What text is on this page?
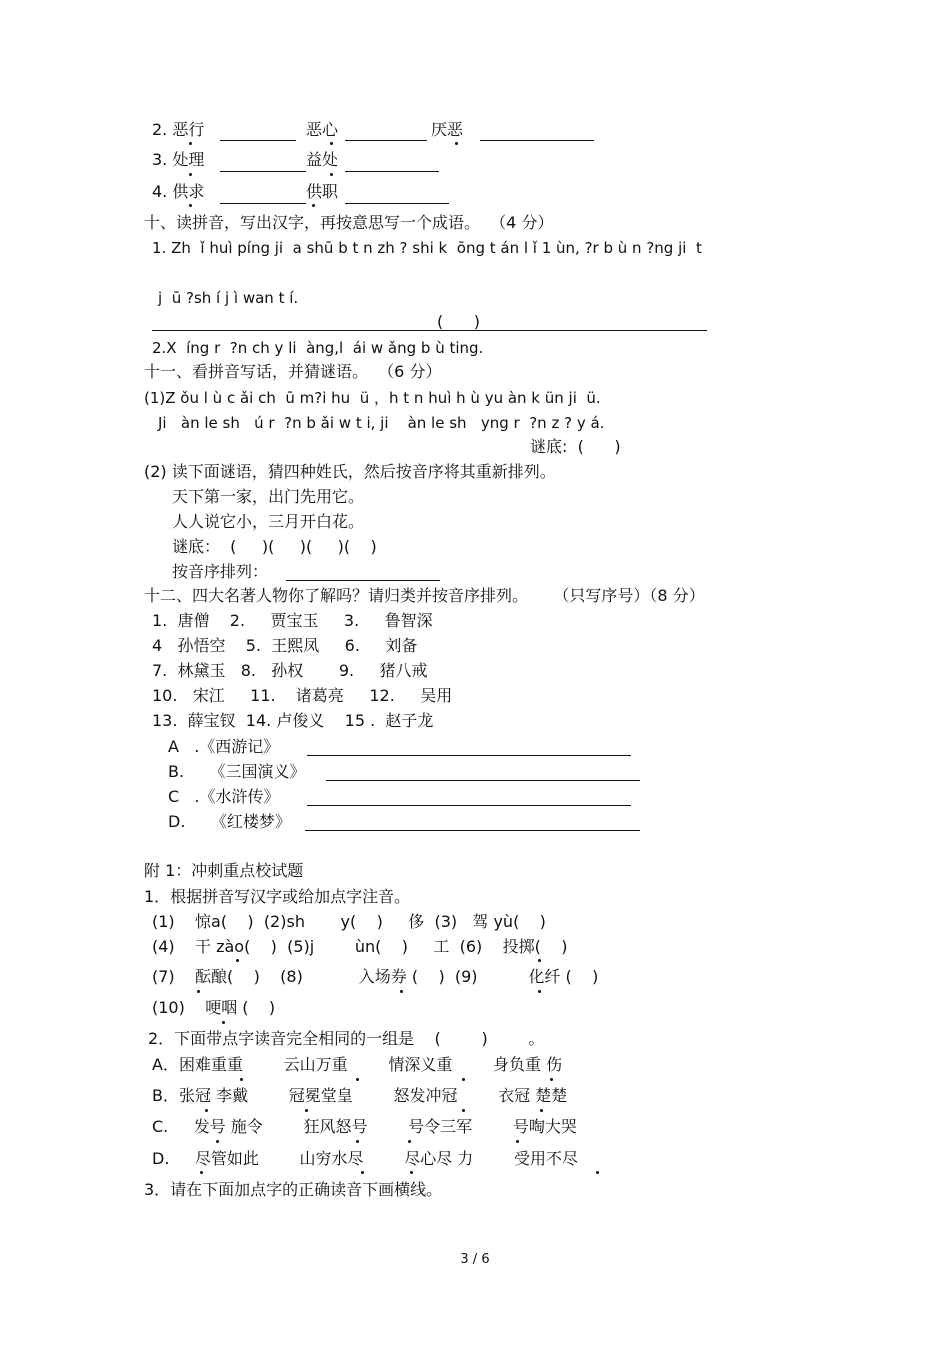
2. 恶行	恶心	厌恶
3. 处理	益处
4. 供求	供职
十、读拼音，写出汉字，再按意思写一个成语。  （4 分）
1. Zh  ǐ huì píng ji  a shū b t n zh ? shi k  ōng t án l ǐ 1 ùn, ?r b ù n ?ng ji  t
j  ū ?sh í j ì wan t í.
(      )
2.X  íng r  ?n ch y li  àng,l  ái w ǎng b ù ting.
十一、看拼音写话，并猜谜语。  （6 分）
(1)Z ǒu l ù c ǎi ch  ū m?i hu  ü ，h t n huì h ù yu àn k ün ji  ü.
Ji   àn le sh   ú r  ?n b ǎi w t i, ji    àn le sh   yng r  ?n z ? y á.
谜底:  (      )
(2) 读下面谜语，猜四种姓氏，然后按音序将其重新排列。
天下第一家，出门先用它。
人人说它小，三月开白花。
谜底：  (     )(     )(     )(    )
按音序排列：
十二、四大名著人物你了解吗？请归类并按音序排列。     （只写序号）（8 分）
1.  唐僧    2.     贾宝玉     3.     鲁智深
4   孙悟空    5.  王熙凤     6.     刘备
7.  林黛玉   8.   孙权       9.     猪八戒
10.   宋江     11.    诸葛亮     12.     吴用
13.  薛宝钗  14. 卢俊义    15 .  赵子龙
A   .《西游记》
B.     《三国演义》
C   .《水浒传》
D.     《红楼梦》
附 1：冲刺重点校试题
1．根据拼音写汉字或给加点字注音。
(1)    惊a(    )  (2)sh       y(    )     侈  (3)   驾 yù(    )
(4)    干 zào(    )  (5)j        ùn(    )     工  (6)    投掷(    )
(7)    酝酿(    )    (8)           入场券 (    )  (9)          化纤 (    )
(10)    哽咽 (    )
2．下面带点字读音完全相同的一组是    (        )        。
A．困难重重        云山万重        情深义重        身负重 伤
B．张冠 李戴        冠冕堂皇        怒发冲冠        衣冠 楚楚
C.     发号 施令        狂风怒号        号令三军        号啕大哭
D.     尽管如此        山穷水尽        尽心尽 力        受用不尽
3．请在下面加点字的正确读音下画横线。
3 / 6
